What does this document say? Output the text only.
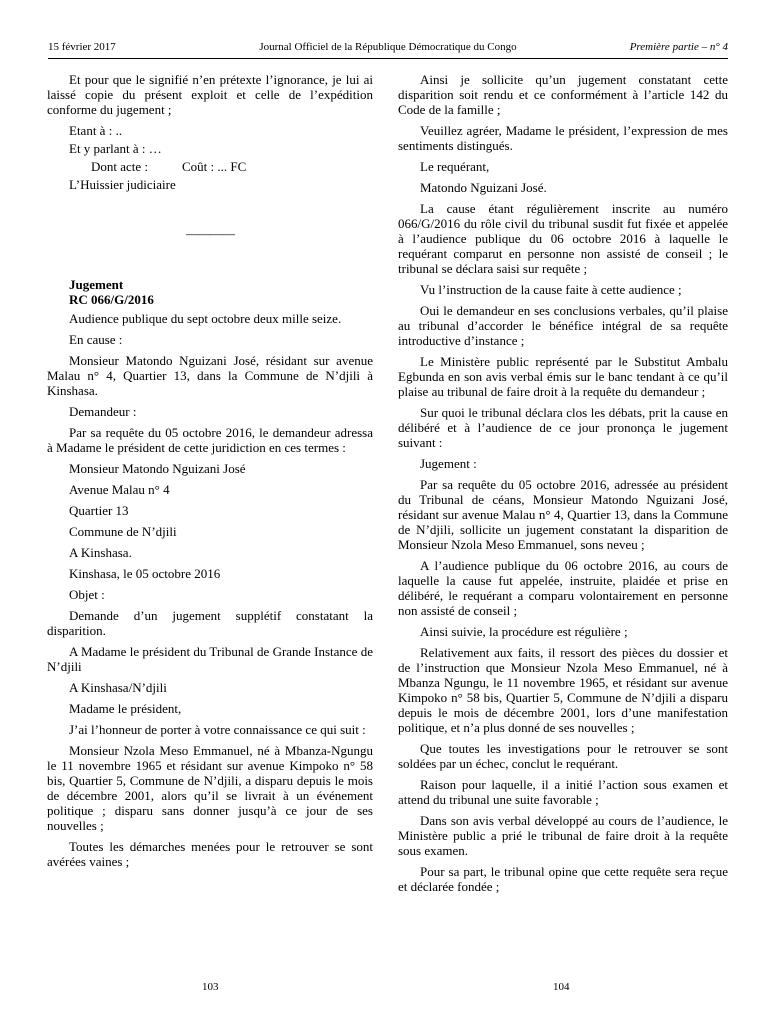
15 février 2017	Journal Officiel de la République Démocratique du Congo	Première partie – n° 4

Et pour que le signifié n’en prétexte l’ignorance, je lui ai laissé copie du présent exploit et celle de l’expédition conforme du jugement ;

Etant à : ..

Et y parlant à : …

Dont acte :	Coût : ... FC

L’Huissier judiciaire

————
Jugement
RC 066/G/2016

Audience publique du sept octobre deux mille seize.

En cause :

Monsieur Matondo Nguizani José, résidant sur avenue Malau n° 4, Quartier 13, dans la Commune de N’djili à Kinshasa.

Demandeur :

Par sa requête du 05 octobre 2016, le demandeur adressa à Madame le président de cette juridiction en ces termes :

Monsieur Matondo Nguizani José

Avenue Malau n° 4

Quartier 13

Commune de N’djili

A Kinshasa.

Kinshasa, le 05 octobre 2016

Objet :

Demande d’un jugement supplétif constatant la disparition.

A Madame le président du Tribunal de Grande Instance de N’djili

A Kinshasa/N’djili

Madame le président,

J’ai l’honneur de porter à votre connaissance ce qui suit :

Monsieur Nzola Meso Emmanuel, né à Mbanza-Ngungu le 11 novembre 1965 et résidant sur avenue Kimpoko n° 58 bis, Quartier 5, Commune de N’djili, a disparu depuis le mois de décembre 2001, alors qu’il se livrait à un événement politique ; disparu sans donner jusqu’à ce jour de ses nouvelles ;

Toutes les démarches menées pour le retrouver se sont avérées vaines ;

Ainsi je sollicite qu’un jugement constatant cette disparition soit rendu et ce conformément à l’article 142 du Code de la famille ;

Veuillez agréer, Madame le président, l’expression de mes sentiments distingués.

Le requérant,

Matondo Nguizani José.

La cause étant régulièrement inscrite au numéro 066/G/2016 du rôle civil du tribunal susdit fut fixée et appelée à l’audience publique du 06 octobre 2016 à laquelle le requérant comparut en personne non assisté de conseil ; le tribunal se déclara saisi sur requête ;

Vu l’instruction de la cause faite à cette audience ;

Oui le demandeur en ses conclusions verbales, qu’il plaise au tribunal d’accorder le bénéfice intégral de sa requête introductive d’instance ;

Le Ministère public représenté par le Substitut Ambalu Egbunda en son avis verbal émis sur le banc tendant à ce qu’il plaise au tribunal de faire droit à la requête du demandeur ;

Sur quoi le tribunal déclara clos les débats, prit la cause en délibéré et à l’audience de ce jour prononça le jugement suivant :

Jugement :

Par sa requête du 05 octobre 2016, adressée au président du Tribunal de céans, Monsieur Matondo Nguizani José, résidant sur avenue Malau n° 4, Quartier 13, dans la Commune de N’djili, sollicite un jugement constatant la disparition de Monsieur Nzola Meso Emmanuel, sons neveu ;

A l’audience publique du 06 octobre 2016, au cours de laquelle la cause fut appelée, instruite, plaidée et prise en délibéré, le requérant a comparu volontairement en personne non assisté de conseil ;

Ainsi suivie, la procédure est régulière ;

Relativement aux faits, il ressort des pièces du dossier et de l’instruction que Monsieur Nzola Meso Emmanuel, né à Mbanza Ngungu, le 11 novembre 1965, et résidant sur avenue Kimpoko n° 58 bis, Quartier 5, Commune de N’djili a disparu depuis le mois de décembre 2001, lors d’une manifestation politique, et n’a plus donné de ses nouvelles ;

Que toutes les investigations pour le retrouver se sont soldées par un échec, conclut le requérant.

Raison pour laquelle, il a initié l’action sous examen et attend du tribunal une suite favorable ;

Dans son avis verbal développé au cours de l’audience, le Ministère public a prié le tribunal de faire droit à la requête sous examen.

Pour sa part, le tribunal opine que cette requête sera reçue et déclarée fondée ;

103	104
